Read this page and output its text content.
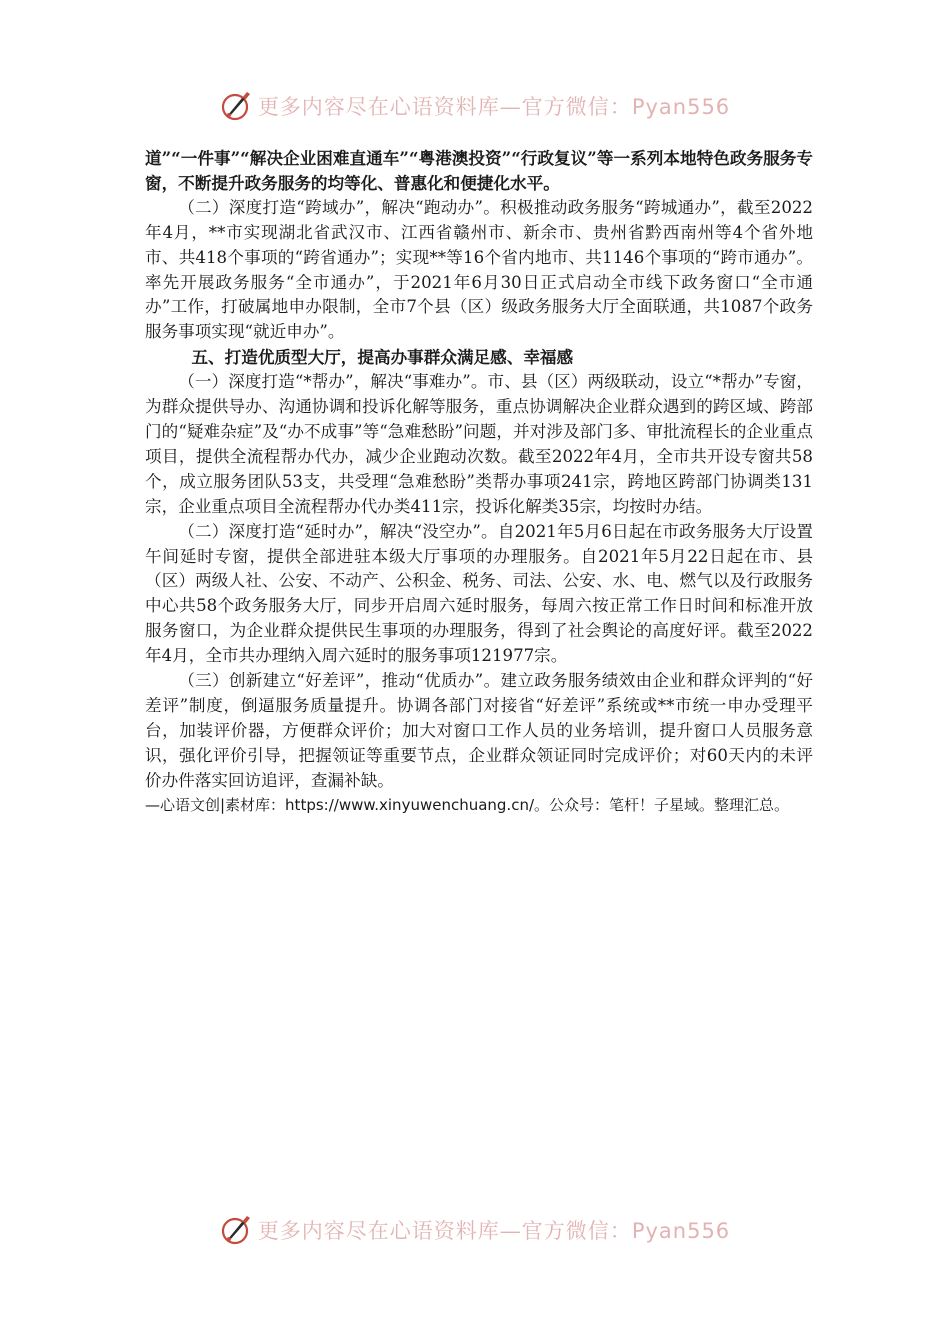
更多内容尽在心语资料库—官方微信：Pyan556

道”“一件事”“解决企业困难直通车”“粤港澳投资”“行政复议”等一系列本地特色政务服务专窗，不断提升政务服务的均等化、普惠化和便捷化水平。

（二）深度打造“跨域办”，解决“跑动办”。积极推动政务服务“跨城通办”，截至2022年4月，**市实现湖北省武汉市、江西省赣州市、新余市、贵州省黔西南州等4个省外地市、共418个事项的“跨省通办”；实现**等16个省内地市、共1146个事项的“跨市通办”。率先开展政务服务“全市通办”，于2021年6月30日正式启动全市线下政务窗口“全市通办”工作，打破属地申办限制，全市7个县（区）级政务服务大厅全面联通，共1087个政务服务事项实现“就近申办”。

五、打造优质型大厅，提高办事群众满足感、幸福感

（一）深度打造“*帮办”，解决“事难办”。市、县（区）两级联动，设立“*帮办”专窗，为群众提供导办、沟通协调和投诉化解等服务，重点协调解决企业群众遇到的跨区域、跨部门的“疑难杂症”及“办不成事”等“急难愁盼”问题，并对涉及部门多、审批流程长的企业重点项目，提供全流程帮办代办，减少企业跑动次数。截至2022年4月，全市共开设专窗共58个，成立服务团队53支，共受理“急难愁盼”类帮办事项241宗，跨地区跨部门协调类131宗，企业重点项目全流程帮办代办类411宗，投诉化解类35宗，均按时办结。

（二）深度打造“延时办”，解决“没空办”。自2021年5月6日起在市政务服务大厅设置午间延时专窗，提供全部进驻本级大厅事项的办理服务。自2021年5月22日起在市、县（区）两级人社、公安、不动产、公积金、税务、司法、公安、水、电、燃气以及行政服务中心共58个政务服务大厅，同步开启周六延时服务，每周六按正常工作日时间和标准开放服务窗口，为企业群众提供民生事项的办理服务，得到了社会舆论的高度好评。截至2022年4月，全市共办理纳入周六延时的服务事项121977宗。

（三）创新建立“好差评”，推动“优质办”。建立政务服务绩效由企业和群众评判的“好差评”制度，倒逼服务质量提升。协调各部门对接省“好差评”系统或**市统一申办受理平台，加装评价器，方便群众评价；加大对窗口工作人员的业务培训，提升窗口人员服务意识，强化评价引导，把握领证等重要节点，企业群众领证同时完成评价；对60天内的未评价办件落实回访追评，查漏补缺。

—心语文创|素材库：https://www.xinyuwenchuang.cn/。公众号：笔杆！子星域。整理汇总。

更多内容尽在心语资料库—官方微信：Pyan556
